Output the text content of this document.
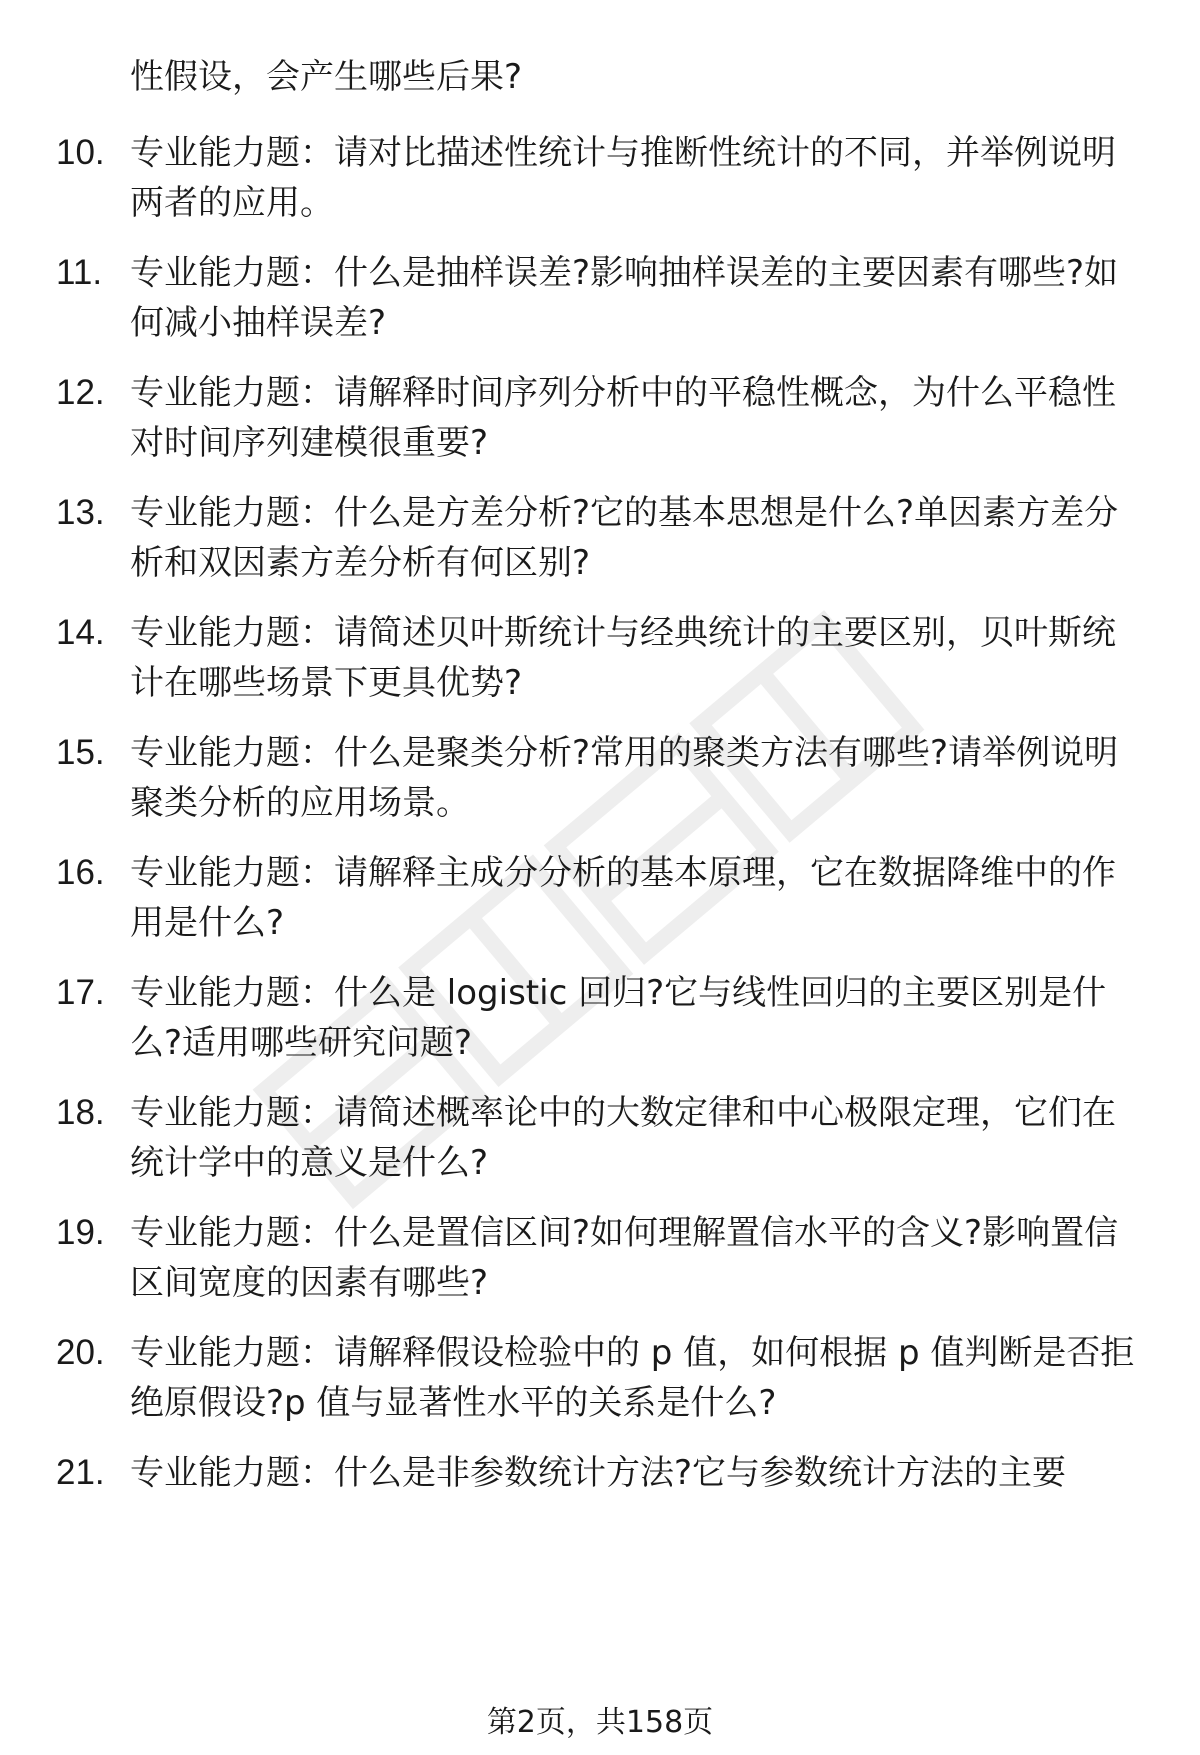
性假设，会产生哪些后果?

10. 专业能力题：请对比描述性统计与推断性统计的不同，并举例说明两者的应用。
11. 专业能力题：什么是抽样误差?影响抽样误差的主要因素有哪些?如何减小抽样误差?
12. 专业能力题：请解释时间序列分析中的平稳性概念，为什么平稳性对时间序列建模很重要?
13. 专业能力题：什么是方差分析?它的基本思想是什么?单因素方差分析和双因素方差分析有何区别?
14. 专业能力题：请简述贝叶斯统计与经典统计的主要区别，贝叶斯统计在哪些场景下更具优势?
15. 专业能力题：什么是聚类分析?常用的聚类方法有哪些?请举例说明聚类分析的应用场景。
16. 专业能力题：请解释主成分分析的基本原理，它在数据降维中的作用是什么?
17. 专业能力题：什么是 logistic 回归?它与线性回归的主要区别是什么?适用哪些研究问题?
18. 专业能力题：请简述概率论中的大数定律和中心极限定理，它们在统计学中的意义是什么?
19. 专业能力题：什么是置信区间?如何理解置信水平的含义?影响置信区间宽度的因素有哪些?
20. 专业能力题：请解释假设检验中的 p 值，如何根据 p 值判断是否拒绝原假设?p 值与显著性水平的关系是什么?
21. 专业能力题：什么是非参数统计方法?它与参数统计方法的主要
第2页，共158页
